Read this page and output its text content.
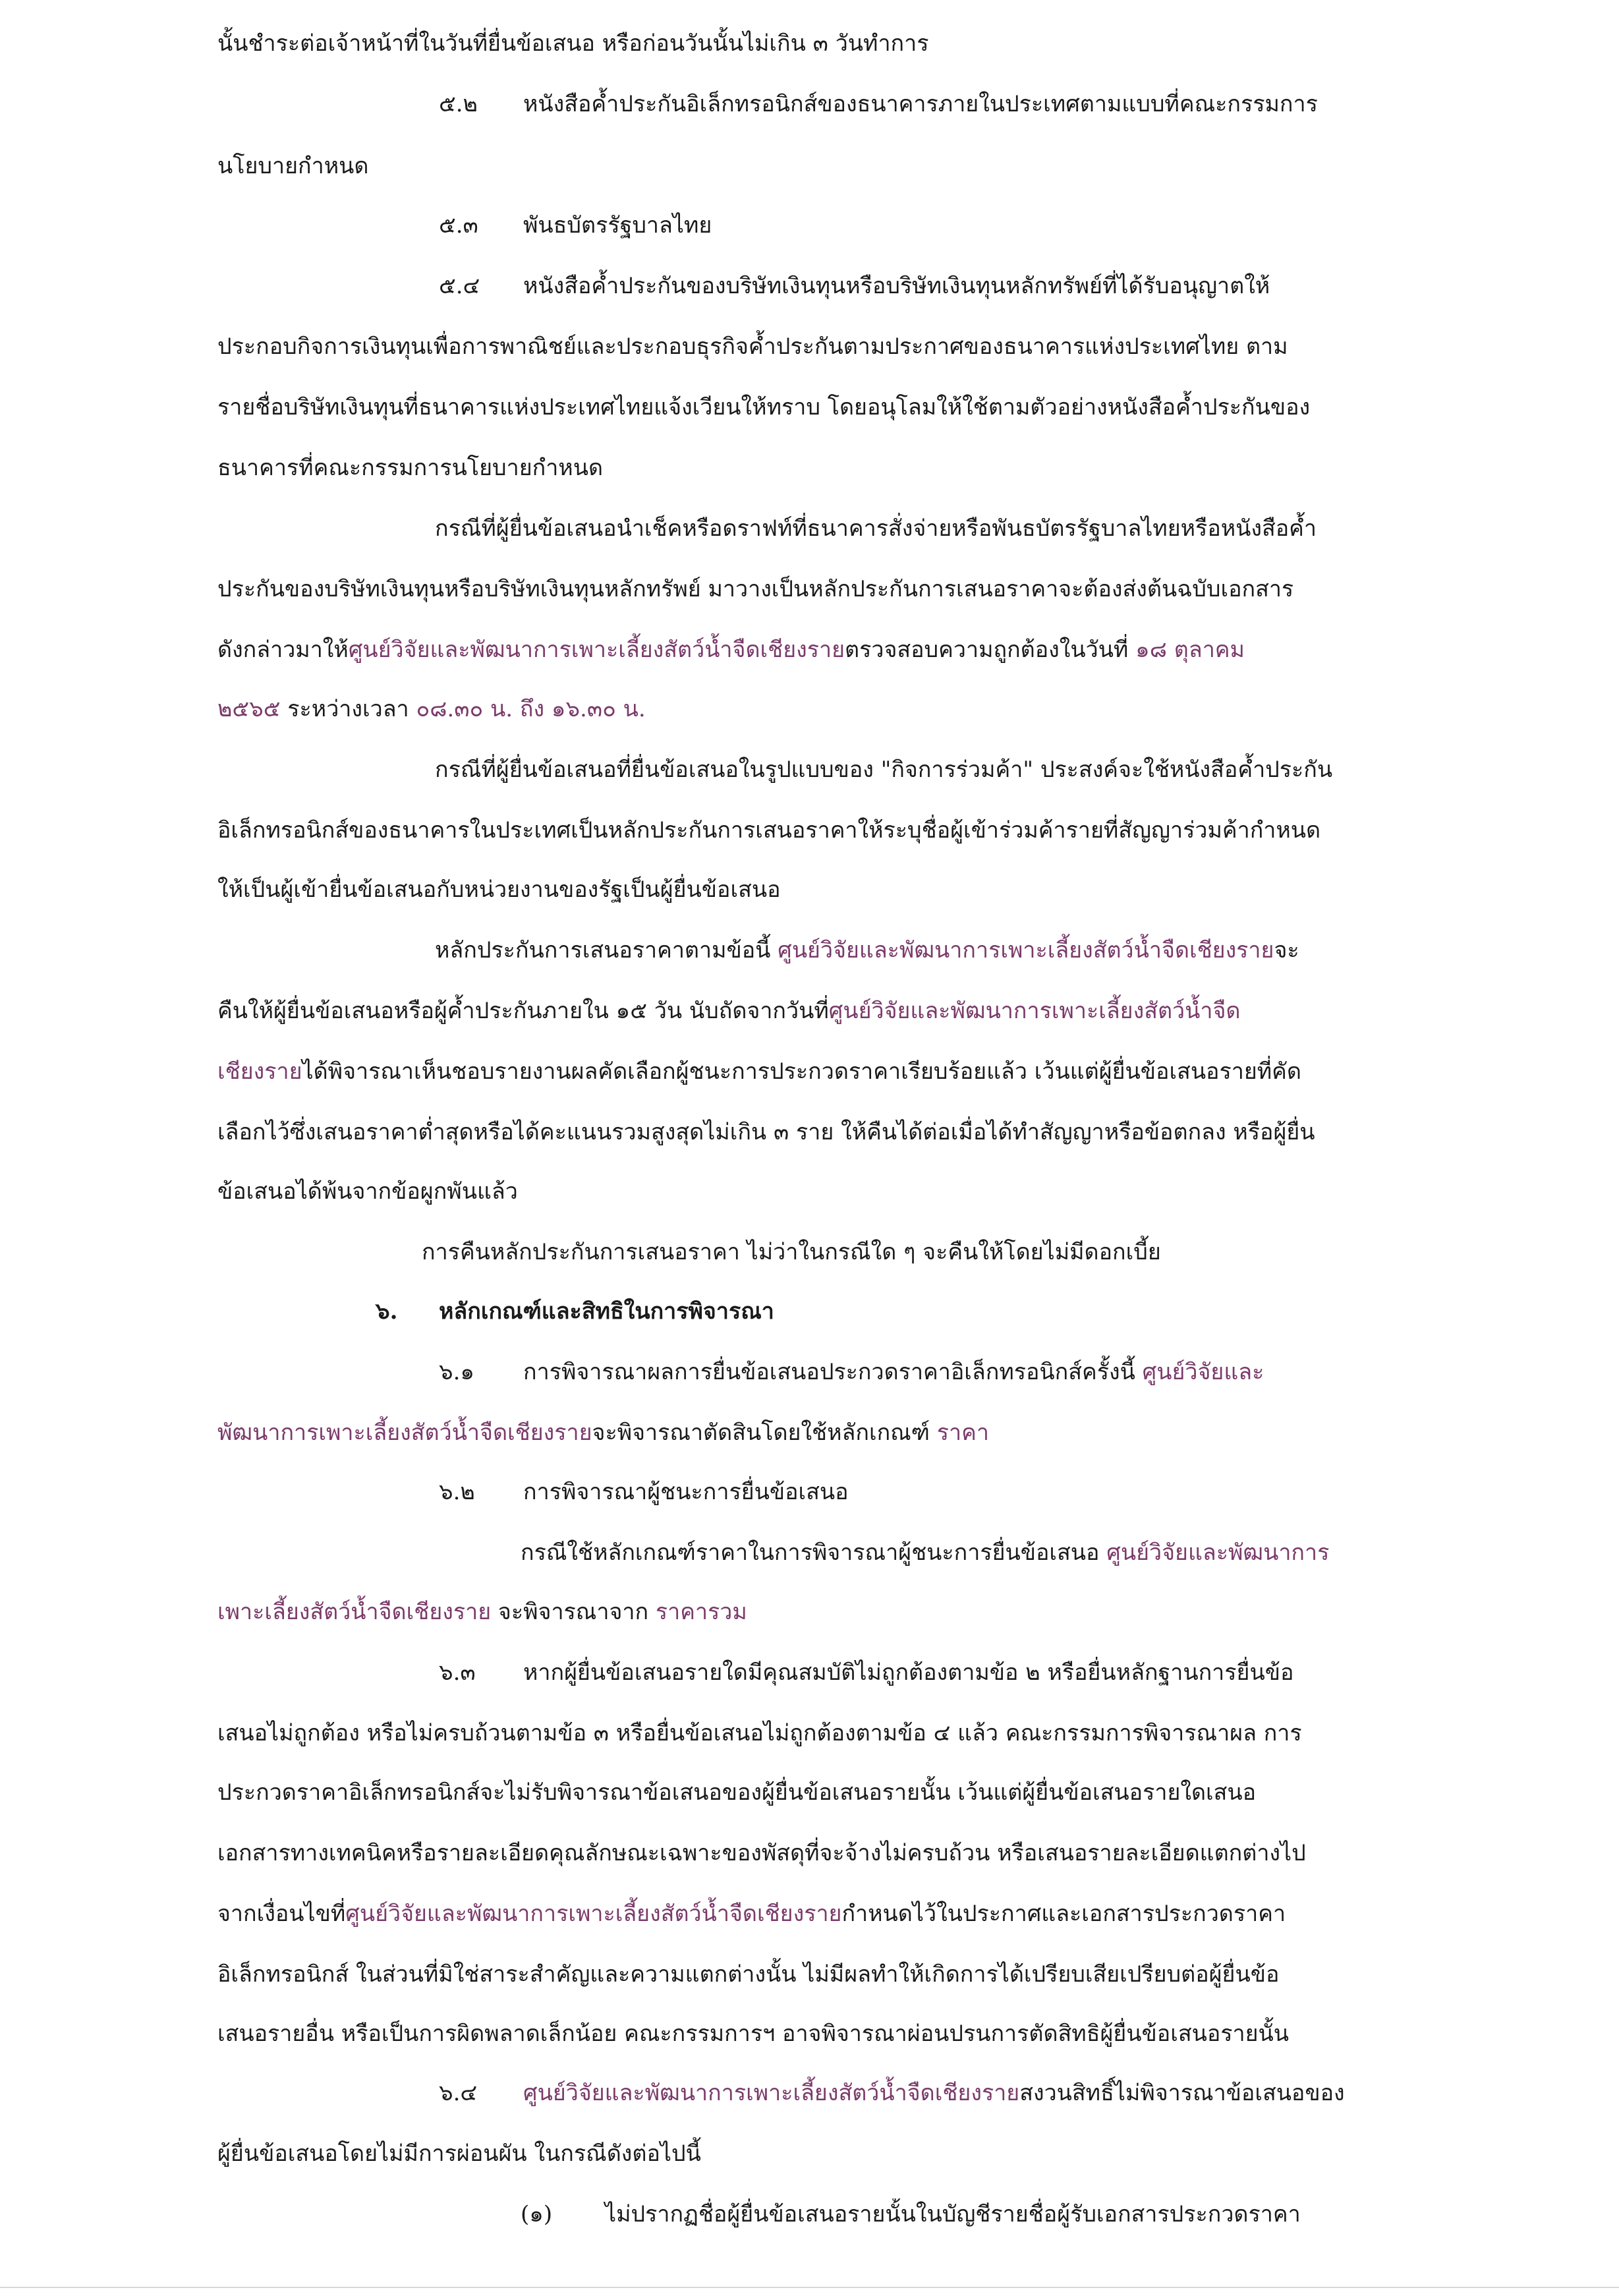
นั้นชำระต่อเจ้าหน้าที่ในวันที่ยื่นข้อเสนอ หรือก่อนวันนั้นไม่เกิน ๓ วันทำการ
๕.๒ หนังสือค้ำประกันอิเล็กทรอนิกส์ของธนาคารภายในประเทศตามแบบที่คณะกรรมการ
นโยบายกำหนด
๕.๓ พันธบัตรรัฐบาลไทย
๕.๔ หนังสือค้ำประกันของบริษัทเงินทุนหรือบริษัทเงินทุนหลักทรัพย์ที่ได้รับอนุญาตให้
ประกอบกิจการเงินทุนเพื่อการพาณิชย์และประกอบธุรกิจค้ำประกันตามประกาศของธนาคารแห่งประเทศไทย ตาม
รายชื่อบริษัทเงินทุนที่ธนาคารแห่งประเทศไทยแจ้งเวียนให้ทราบ โดยอนุโลมให้ใช้ตามตัวอย่างหนังสือค้ำประกันของ
ธนาคารที่คณะกรรมการนโยบายกำหนด
กรณีที่ผู้ยื่นข้อเสนอนำเช็คหรือดราฟท์ที่ธนาคารสั่งจ่ายหรือพันธบัตรรัฐบาลไทยหรือหนังสือค้ำ
ประกันของบริษัทเงินทุนหรือบริษัทเงินทุนหลักทรัพย์ มาวางเป็นหลักประกันการเสนอราคาจะต้องส่งต้นฉบับเอกสาร
ดังกล่าวมาให้ศูนย์วิจัยและพัฒนาการเพาะเลี้ยงสัตว์น้ำจืดเชียงรายตรวจสอบความถูกต้องในวันที่ ๑๘ ตุลาคม
๒๕๖๕ ระหว่างเวลา ๐๘.๓๐ น. ถึง ๑๖.๓๐ น.
กรณีที่ผู้ยื่นข้อเสนอที่ยื่นข้อเสนอในรูปแบบของ "กิจการร่วมค้า" ประสงค์จะใช้หนังสือค้ำประกัน
อิเล็กทรอนิกส์ของธนาคารในประเทศเป็นหลักประกันการเสนอราคาให้ระบุชื่อผู้เข้าร่วมค้ารายที่สัญญาร่วมค้ากำหนด
ให้เป็นผู้เข้ายื่นข้อเสนอกับหน่วยงานของรัฐเป็นผู้ยื่นข้อเสนอ
หลักประกันการเสนอราคาตามข้อนี้ ศูนย์วิจัยและพัฒนาการเพาะเลี้ยงสัตว์น้ำจืดเชียงรายจะ
คืนให้ผู้ยื่นข้อเสนอหรือผู้ค้ำประกันภายใน ๑๕ วัน นับถัดจากวันที่ศูนย์วิจัยและพัฒนาการเพาะเลี้ยงสัตว์น้ำจืด
เชียงรายได้พิจารณาเห็นชอบรายงานผลคัดเลือกผู้ชนะการประกวดราคาเรียบร้อยแล้ว เว้นแต่ผู้ยื่นข้อเสนอรายที่คัด
เลือกไว้ซึ่งเสนอราคาต่ำสุดหรือได้คะแนนรวมสูงสุดไม่เกิน ๓ ราย ให้คืนได้ต่อเมื่อได้ทำสัญญาหรือข้อตกลง หรือผู้ยื่น
ข้อเสนอได้พ้นจากข้อผูกพันแล้ว
การคืนหลักประกันการเสนอราคา ไม่ว่าในกรณีใด ๆ จะคืนให้โดยไม่มีดอกเบี้ย
๖. หลักเกณฑ์และสิทธิในการพิจารณา
๖.๑ การพิจารณาผลการยื่นข้อเสนอประกวดราคาอิเล็กทรอนิกส์ครั้งนี้ ศูนย์วิจัยและ
พัฒนาการเพาะเลี้ยงสัตว์น้ำจืดเชียงรายจะพิจารณาตัดสินโดยใช้หลักเกณฑ์ ราคา
๖.๒ การพิจารณาผู้ชนะการยื่นข้อเสนอ
กรณีใช้หลักเกณฑ์ราคาในการพิจารณาผู้ชนะการยื่นข้อเสนอ ศูนย์วิจัยและพัฒนาการ
เพาะเลี้ยงสัตว์น้ำจืดเชียงราย จะพิจารณาจาก ราคารวม
๖.๓ หากผู้ยื่นข้อเสนอรายใดมีคุณสมบัติไม่ถูกต้องตามข้อ ๒ หรือยื่นหลักฐานการยื่นข้อ
เสนอไม่ถูกต้อง หรือไม่ครบถ้วนตามข้อ ๓ หรือยื่นข้อเสนอไม่ถูกต้องตามข้อ ๔ แล้ว คณะกรรมการพิจารณาผล การ
ประกวดราคาอิเล็กทรอนิกส์จะไม่รับพิจารณาข้อเสนอของผู้ยื่นข้อเสนอรายนั้น เว้นแต่ผู้ยื่นข้อเสนอรายใดเสนอ
เอกสารทางเทคนิคหรือรายละเอียดคุณลักษณะเฉพาะของพัสดุที่จะจ้างไม่ครบถ้วน หรือเสนอรายละเอียดแตกต่างไป
จากเงื่อนไขที่ศูนย์วิจัยและพัฒนาการเพาะเลี้ยงสัตว์น้ำจืดเชียงรายกำหนดไว้ในประกาศและเอกสารประกวดราคา
อิเล็กทรอนิกส์ ในส่วนที่มิใช่สาระสำคัญและความแตกต่างนั้น ไม่มีผลทำให้เกิดการได้เปรียบเสียเปรียบต่อผู้ยื่นข้อ
เสนอรายอื่น หรือเป็นการผิดพลาดเล็กน้อย คณะกรรมการฯ อาจพิจารณาผ่อนปรนการตัดสิทธิผู้ยื่นข้อเสนอรายนั้น
๖.๔ ศูนย์วิจัยและพัฒนาการเพาะเลี้ยงสัตว์น้ำจืดเชียงรายสงวนสิทธิ์ไม่พิจารณาข้อเสนอของ
ผู้ยื่นข้อเสนอโดยไม่มีการผ่อนผัน ในกรณีดังต่อไปนี้
(๑) ไม่ปรากฏชื่อผู้ยื่นข้อเสนอรายนั้นในบัญชีรายชื่อผู้รับเอกสารประกวดราคา
